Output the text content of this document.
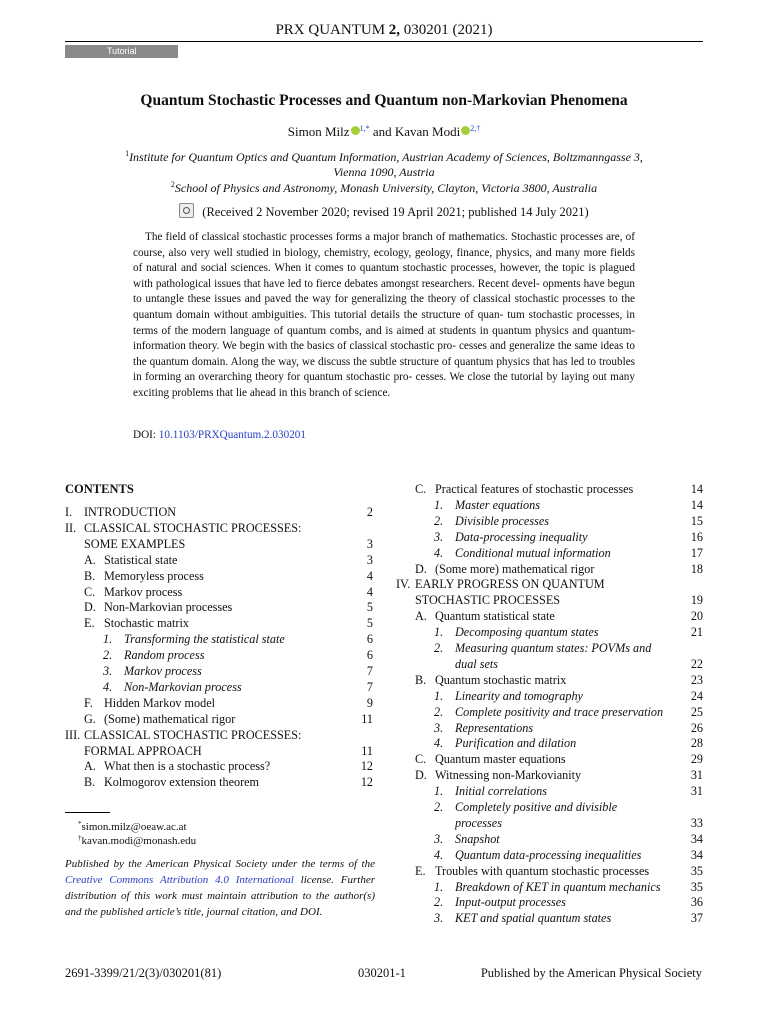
PRX QUANTUM 2, 030201 (2021)
Tutorial
Quantum Stochastic Processes and Quantum non-Markovian Phenomena
Simon Milz $^{1,*}$ and Kavan Modi $^{2,\dagger}$
$^1$Institute for Quantum Optics and Quantum Information, Austrian Academy of Sciences, Boltzmanngasse 3,
Vienna 1090, Austria
$^2$School of Physics and Astronomy, Monash University, Clayton, Victoria 3800, Australia
(Received 2 November 2020; revised 19 April 2021; published 14 July 2021)
The field of classical stochastic processes forms a major branch of mathematics. Stochastic processes are, of course, also very well studied in biology, chemistry, ecology, geology, finance, physics, and many more fields of natural and social sciences. When it comes to quantum stochastic processes, however, the topic is plagued with pathological issues that have led to fierce debates amongst researchers. Recent devel- opments have begun to untangle these issues and paved the way for generalizing the theory of classical stochastic processes to the quantum domain without ambiguities. This tutorial details the structure of quan- tum stochastic processes, in terms of the modern language of quantum combs, and is aimed at students in quantum physics and quantum-information theory. We begin with the basics of classical stochastic pro- cesses and generalize the same ideas to the quantum domain. Along the way, we discuss the subtle structure of quantum physics that has led to troubles in forming an overarching theory for quantum stochastic pro- cesses. We close the tutorial by laying out many exciting problems that lie ahead in this branch of science.
DOI: 10.1103/PRXQuantum.2.030201
CONTENTS
I. INTRODUCTION	2
II. CLASSICAL STOCHASTIC PROCESSES:
SOME EXAMPLES	3
A. Statistical state	3
B. Memoryless process	4
C. Markov process	4
D. Non-Markovian processes	5
E. Stochastic matrix	5
1. Transforming the statistical state	6
2. Random process	6
3. Markov process	7
4. Non-Markovian process	7
F. Hidden Markov model	9
G. (Some) mathematical rigor	11
III. CLASSICAL STOCHASTIC PROCESSES:
FORMAL APPROACH	11
A. What then is a stochastic process?	12
B. Kolmogorov extension theorem	12
C. Practical features of stochastic processes	14
1. Master equations	14
2. Divisible processes	15
3. Data-processing inequality	16
4. Conditional mutual information	17
D. (Some more) mathematical rigor	18
IV. EARLY PROGRESS ON QUANTUM
STOCHASTIC PROCESSES	19
A. Quantum statistical state	20
1. Decomposing quantum states	21
2. Measuring quantum states: POVMs and
dual sets	22
B. Quantum stochastic matrix	23
1. Linearity and tomography	24
2. Complete positivity and trace preservation	25
3. Representations	26
4. Purification and dilation	28
C. Quantum master equations	29
D. Witnessing non-Markovianity	31
1. Initial correlations	31
2. Completely positive and divisible
processes	33
3. Snapshot	34
4. Quantum data-processing inequalities	34
E. Troubles with quantum stochastic processes	35
1. Breakdown of KET in quantum mechanics	35
2. Input-output processes	36
3. KET and spatial quantum states	37
*simon.milz@oeaw.ac.at
†kavan.modi@monash.edu
Published by the American Physical Society under the terms of the Creative Commons Attribution 4.0 International license. Further distribution of this work must maintain attribution to the author(s) and the published article’s title, journal citation, and DOI.
2691-3399/21/2(3)/030201(81)	030201-1	Published by the American Physical Society
